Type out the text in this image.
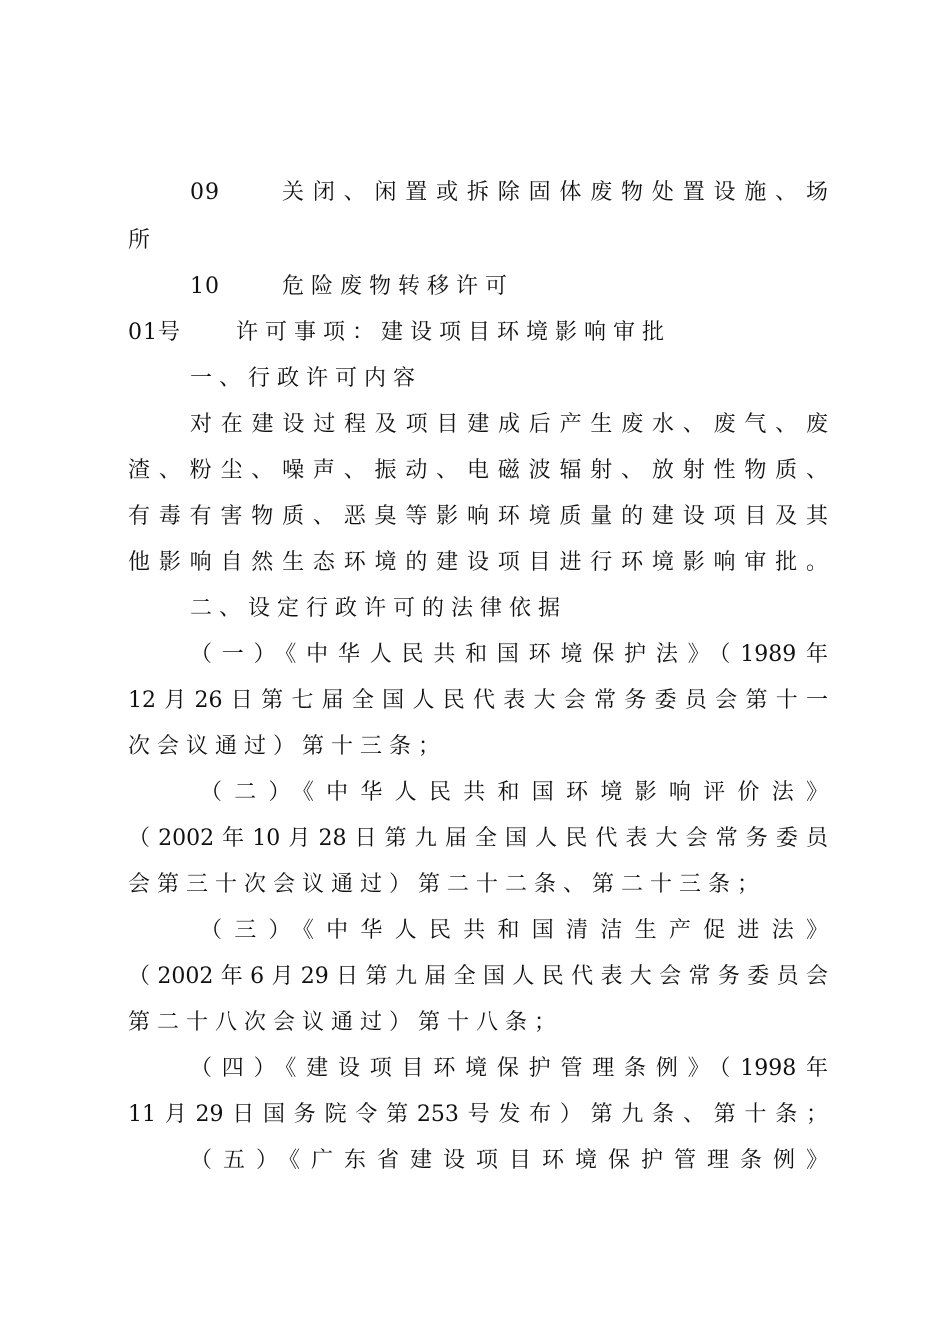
09	关闭、闲置或拆除固体废物处置设施、场
所
10	危险废物转移许可
01号	许可事项：建设项目环境影响审批
一、行政许可内容
对在建设过程及项目建成后产生废水、废气、废
渣、粉尘、噪声、振动、电磁波辐射、放射性物质、
有毒有害物质、恶臭等影响环境质量的建设项目及其
他影响自然生态环境的建设项目进行环境影响审批。
二、设定行政许可的法律依据
（一）《中华人民共和国环境保护法》（1989年
12月26日第七届全国人民代表大会常务委员会第十一
次会议通过）第十三条；
（二）《中华人民共和国环境影响评价法》
（2002年10月28日第九届全国人民代表大会常务委员
会第三十次会议通过）第二十二条、第二十三条；
（三）《中华人民共和国清洁生产促进法》
（2002年6月29日第九届全国人民代表大会常务委员会
第二十八次会议通过）第十八条；
（四）《建设项目环境保护管理条例》（1998年
11月29日国务院令第253号发布）第九条、第十条；
（五）《广东省建设项目环境保护管理条例》
